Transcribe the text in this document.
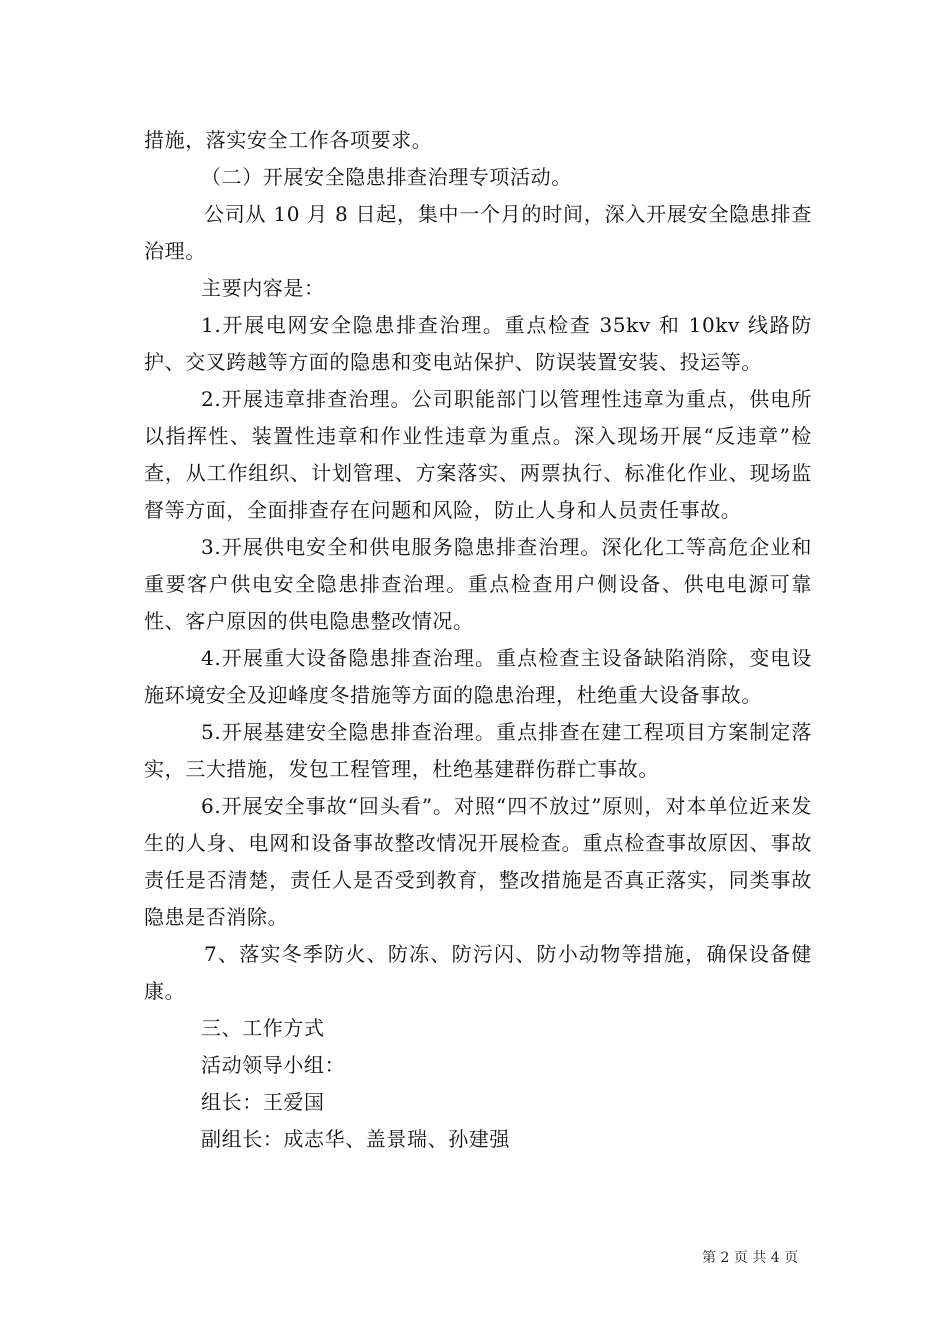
措施，落实安全工作各项要求。

（二）开展安全隐患排查治理专项活动。

公司从 10 月 8 日起，集中一个月的时间，深入开展安全隐患排查治理。

主要内容是：

1.开展电网安全隐患排查治理。重点检查 35kv 和 10kv 线路防护、交叉跨越等方面的隐患和变电站保护、防误装置安装、投运等。

2.开展违章排查治理。公司职能部门以管理性违章为重点，供电所以指挥性、装置性违章和作业性违章为重点。深入现场开展“反违章”检查，从工作组织、计划管理、方案落实、两票执行、标准化作业、现场监督等方面，全面排查存在问题和风险，防止人身和人员责任事故。

3.开展供电安全和供电服务隐患排查治理。深化化工等高危企业和重要客户供电安全隐患排查治理。重点检查用户侧设备、供电电源可靠性、客户原因的供电隐患整改情况。

4.开展重大设备隐患排查治理。重点检查主设备缺陷消除，变电设施环境安全及迎峰度冬措施等方面的隐患治理，杜绝重大设备事故。

5.开展基建安全隐患排查治理。重点排查在建工程项目方案制定落实，三大措施，发包工程管理，杜绝基建群伤群亡事故。

6.开展安全事故“回头看”。对照“四不放过”原则，对本单位近来发生的人身、电网和设备事故整改情况开展检查。重点检查事故原因、事故责任是否清楚，责任人是否受到教育，整改措施是否真正落实，同类事故隐患是否消除。

7、落实冬季防火、防冻、防污闪、防小动物等措施，确保设备健康。

三、工作方式

活动领导小组：

组长：王爱国

副组长：成志华、盖景瑞、孙建强

第 2 页 共 4 页
